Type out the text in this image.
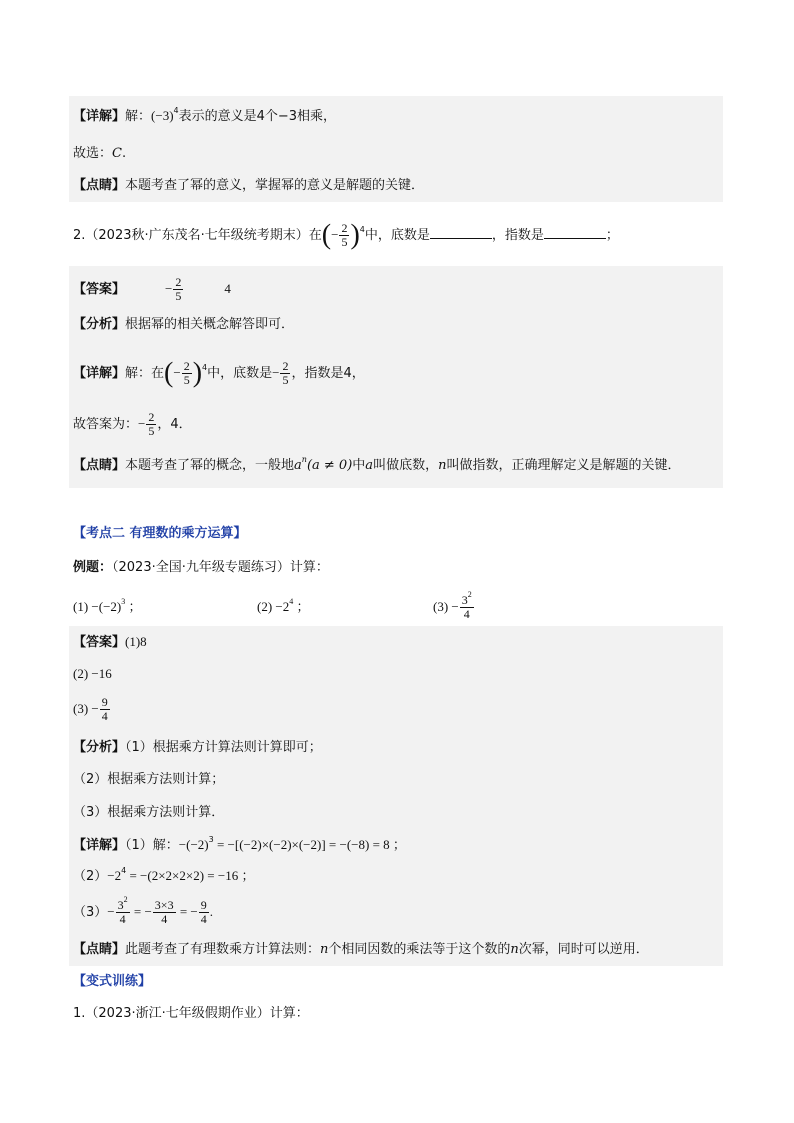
【详解】解：$(-3)^4$表示的意义是4个−3相乘，
故选：C.
【点睛】本题考查了幂的意义，掌握幂的意义是解题的关键．
2.（2023秋·广东茂名·七年级统考期末）在(− $\frac{2}{5} )^4$中，底数是	，指数是	；
【答案】	− $\frac{2}{5}$	4
【分析】根据幂的相关概念解答即可．
【详解】解：在(− $\frac{2}{5} )^4$中，底数是− $\frac{2}{5}$ ，指数是4，
故答案为：− $\frac{2}{5}$ ，4．
【点睛】本题考查了幂的概念，一般地$a^n(a \ne 0)$中a叫做底数，n叫做指数，正确理解定义是解题的关键．
【考点二 有理数的乘方运算】
例题：（2023·全国·九年级专题练习）计算：
$(1) -(-2)^3$ ；	$(2) -2^4$ ；	$(3) - \frac{3^2}{4}$
【答案】(1)8
(2) −16
$(3) - \frac{9}{4}$
【分析】（1）根据乘方计算法则计算即可；
（2）根据乘方法则计算；
（3）根据乘方法则计算．
【详解】（1）解：$-(-2)^3 = -[(-2)\times(-2)\times(-2)] = -(-8) = 8$ ；
$(2)-2^4 = -(2\times 2\times 2\times 2) = -16$ ；
$(3)- \frac{3^2}{4}$ = − $\frac{3\times 3}{4}$ = − $\frac{9}{4}$ .
【点睛】此题考查了有理数乘方计算法则：n个相同因数的乘法等于这个数的n次幂，同时可以逆用．
【变式训练】
1.（2023·浙江·七年级假期作业）计算：
